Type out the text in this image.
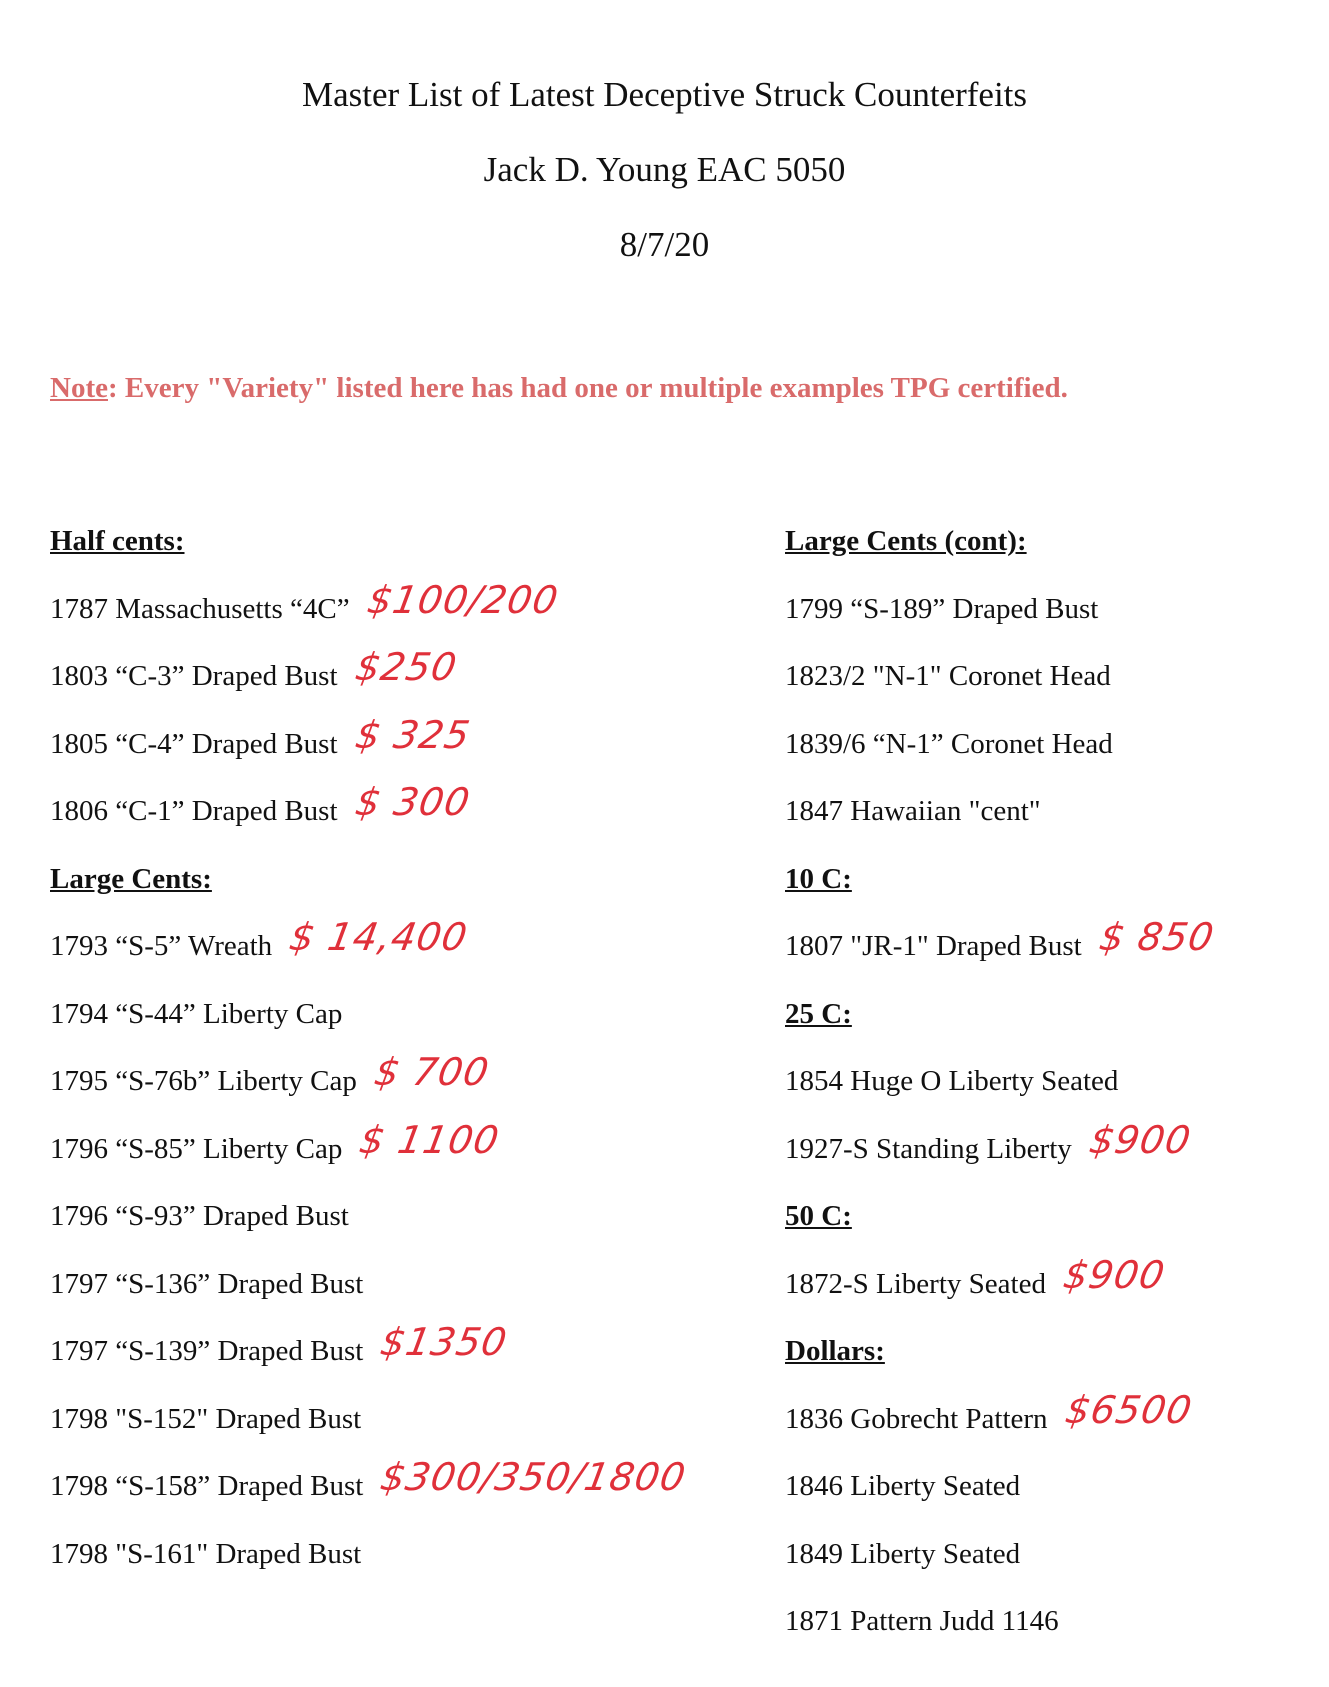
Master List of Latest Deceptive Struck Counterfeits
Jack D. Young EAC 5050
8/7/20
Note: Every "Variety" listed here has had one or multiple examples TPG certified.
Half cents:
1787 Massachusetts “4C” $100/200
1803 “C-3” Draped Bust $250
1805 “C-4” Draped Bust $ 325
1806 “C-1” Draped Bust $ 300
Large Cents:
1793 “S-5” Wreath $ 14,400
1794 “S-44” Liberty Cap
1795 “S-76b” Liberty Cap $ 700
1796 “S-85” Liberty Cap $ 1100
1796 “S-93” Draped Bust
1797 “S-136” Draped Bust
1797 “S-139” Draped Bust $1350
1798 "S-152" Draped Bust
1798 “S-158” Draped Bust $300/350/1800
1798 "S-161" Draped Bust
Large Cents (cont):
1799 “S-189” Draped Bust
1823/2 "N-1" Coronet Head
1839/6 “N-1” Coronet Head
1847 Hawaiian "cent"
10 C:
1807 "JR-1" Draped Bust $ 850
25 C:
1854 Huge O Liberty Seated
1927-S Standing Liberty $900
50 C:
1872-S Liberty Seated $900
Dollars:
1836 Gobrecht Pattern $6500
1846 Liberty Seated
1849 Liberty Seated
1871 Pattern Judd 1146
